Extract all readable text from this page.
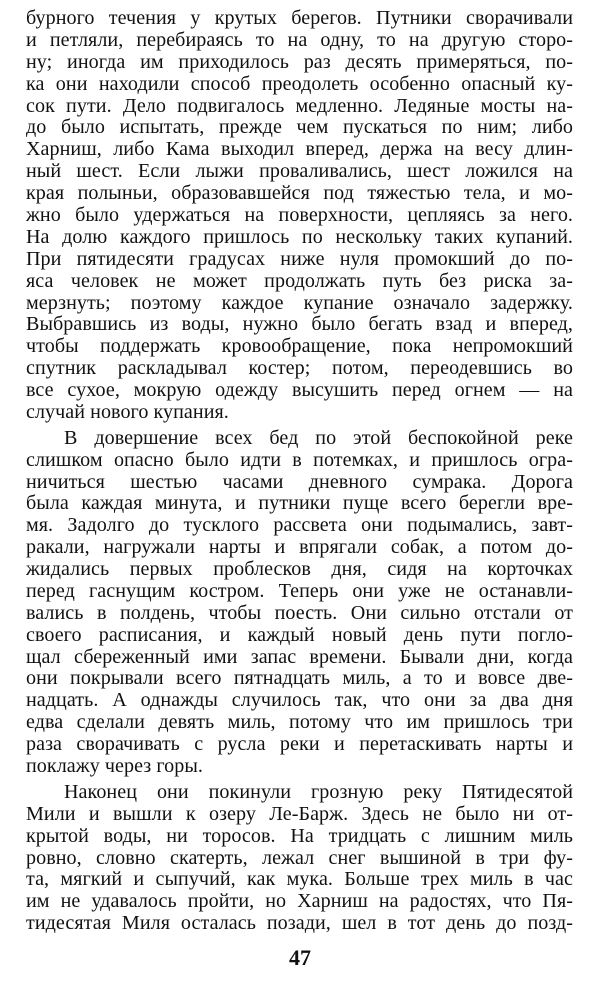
бурного течения у крутых берегов. Путники сворачивали
и петляли, перебираясь то на одну, то на другую сторо-
ну; иногда им приходилось раз десять примеряться, по-
ка они находили способ преодолеть особенно опасный ку-
сок пути. Дело подвигалось медленно. Ледяные мосты на-
до было испытать, прежде чем пускаться по ним; либо
Харниш, либо Кама выходил вперед, держа на весу длин-
ный шест. Если лыжи проваливались, шест ложился на
края полыньи, образовавшейся под тяжестью тела, и мо-
жно было удержаться на поверхности, цепляясь за него.
На долю каждого пришлось по нескольку таких купаний.
При пятидесяти градусах ниже нуля промокший до по-
яса человек не может продолжать путь без риска за-
мерзнуть; поэтому каждое купание означало задержку.
Выбравшись из воды, нужно было бегать взад и вперед,
чтобы поддержать кровообращение, пока непромокший
спутник раскладывал костер; потом, переодевшись во
все сухое, мокрую одежду высушить перед огнем — на
случай нового купания.
В довершение всех бед по этой беспокойной реке
слишком опасно было идти в потемках, и пришлось огра-
ничиться шестью часами дневного сумрака. Дорога
была каждая минута, и путники пуще всего берегли вре-
мя. Задолго до тусклого рассвета они подымались, завт-
ракали, нагружали нарты и впрягали собак, а потом до-
жидались первых проблесков дня, сидя на корточках
перед гаснущим костром. Теперь они уже не останавли-
вались в полдень, чтобы поесть. Они сильно отстали от
своего расписания, и каждый новый день пути погло-
щал сбереженный ими запас времени. Бывали дни, когда
они покрывали всего пятнадцать миль, а то и вовсе две-
надцать. А однажды случилось так, что они за два дня
едва сделали девять миль, потому что им пришлось три
раза сворачивать с русла реки и перетаскивать нарты и
поклажу через горы.
Наконец они покинули грозную реку Пятидесятой
Мили и вышли к озеру Ле-Барж. Здесь не было ни от-
крытой воды, ни торосов. На тридцать с лишним миль
ровно, словно скатерть, лежал снег вышиной в три фу-
та, мягкий и сыпучий, как мука. Больше трех миль в час
им не удавалось пройти, но Харниш на радостях, что Пя-
тидесятая Миля осталась позади, шел в тот день до позд-
47
